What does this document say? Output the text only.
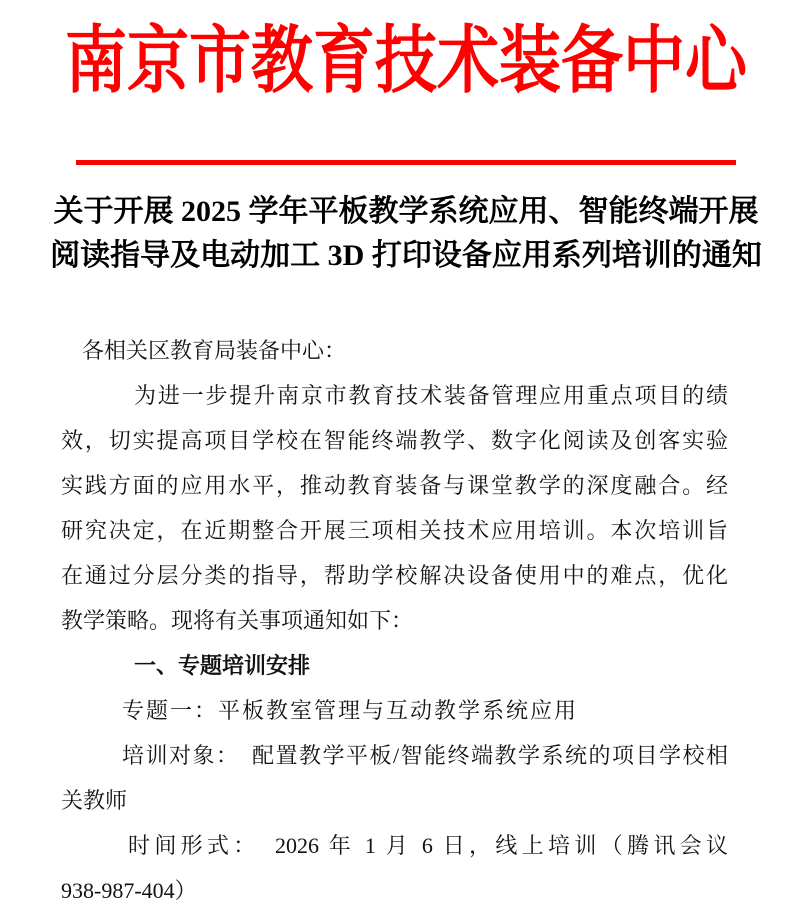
南京市教育技术装备中心
关于开展 2025 学年平板教学系统应用、智能终端开展
阅读指导及电动加工 3D 打印设备应用系列培训的通知
各相关区教育局装备中心：
为进一步提升南京市教育技术装备管理应用重点项目的绩
效，切实提高项目学校在智能终端教学、数字化阅读及创客实验
实践方面的应用水平，推动教育装备与课堂教学的深度融合。经
研究决定，在近期整合开展三项相关技术应用培训。本次培训旨
在通过分层分类的指导，帮助学校解决设备使用中的难点，优化
教学策略。现将有关事项通知如下：
一、专题培训安排
专题一：平板教室管理与互动教学系统应用
培训对象：　配置教学平板/智能终端教学系统的项目学校相
关教师
时间形式：　2026 年 1 月 6 日，线上培训（腾讯会议
938-987-404）
